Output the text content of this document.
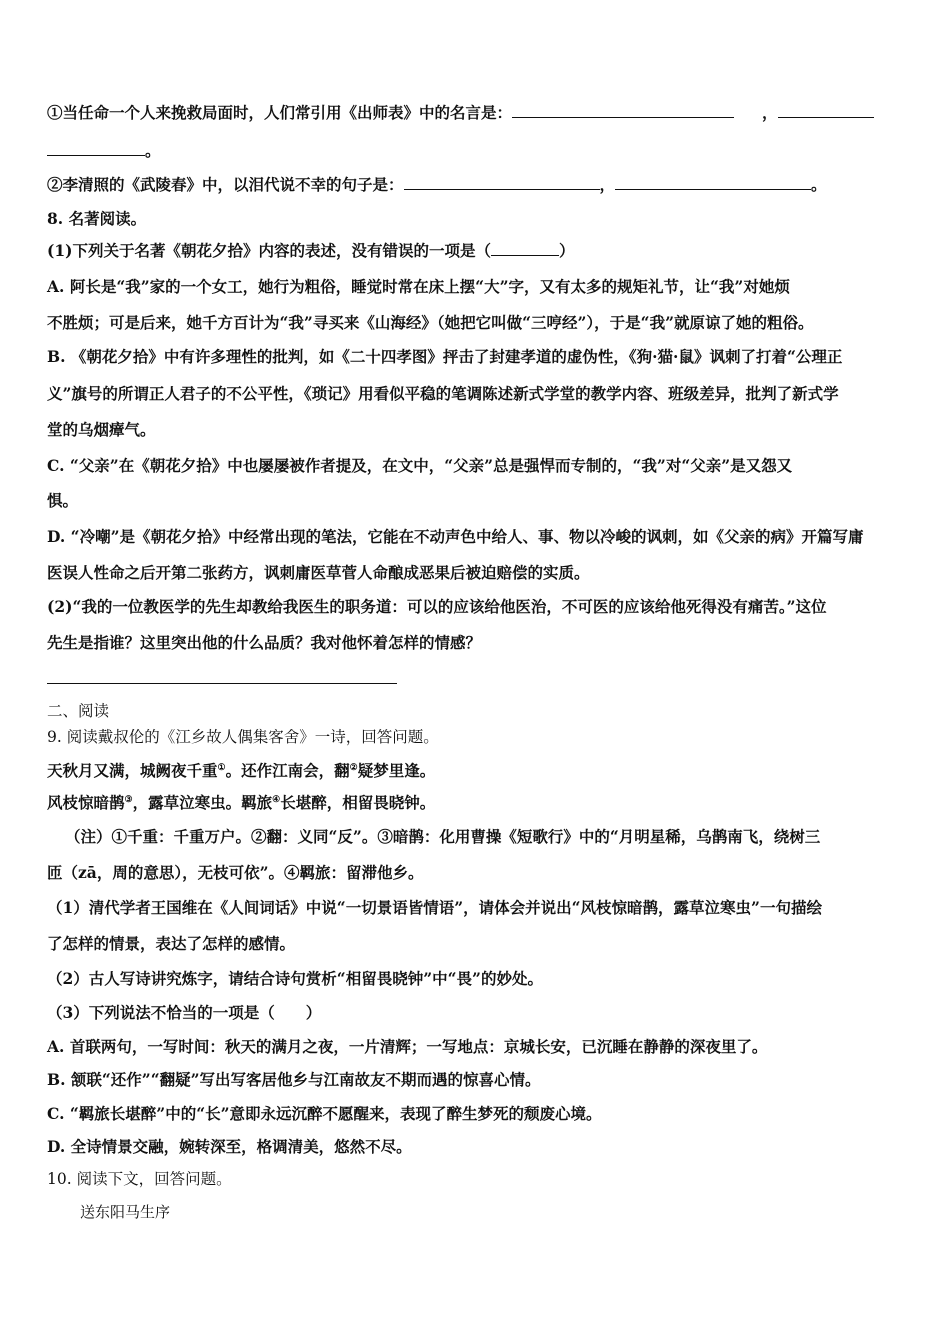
①当任命一个人来挽救局面时，人们常引用《出师表》中的名言是：	，
。
②李清照的《武陵春》中，以泪代说不幸的句子是：	，	。
8. 名著阅读。
(1)下列关于名著《朝花夕拾》内容的表述，没有错误的一项是（	）
A. 阿长是“我”家的一个女工，她行为粗俗，睡觉时常在床上摆“大”字，又有太多的规矩礼节，让“我”对她烦
不胜烦；可是后来，她千方百计为“我”寻买来《山海经》（她把它叫做“三哼经”），于是“我”就原谅了她的粗俗。
B. 《朝花夕拾》中有许多理性的批判，如《二十四孝图》抨击了封建孝道的虚伪性，《狗·猫·鼠》讽刺了打着“公理正
义”旗号的所谓正人君子的不公平性，《琐记》用看似平稳的笔调陈述新式学堂的教学内容、班级差异，批判了新式学
堂的乌烟瘴气。
C. “父亲”在《朝花夕拾》中也屡屡被作者提及，在文中，“父亲”总是强悍而专制的，“我”对“父亲”是又怨又
惧。
D. “冷嘲”是《朝花夕拾》中经常出现的笔法，它能在不动声色中给人、事、物以冷峻的讽刺，如《父亲的病》开篇写庸
医误人性命之后开第二张药方，讽刺庸医草菅人命酿成恶果后被迫赔偿的实质。
(2)“我的一位教医学的先生却教给我医生的职务道：可以的应该给他医治，不可医的应该给他死得没有痛苦。”这位
先生是指谁？这里突出他的什么品质？我对他怀着怎样的情感？
二、阅读
9. 阅读戴叔伦的《江乡故人偶集客舍》一诗，回答问题。
天秋月又满，城阙夜千重①。还作江南会，翻②疑梦里逢。
风枝惊暗鹊③，露草泣寒虫。羁旅④长堪醉，相留畏晓钟。
（注）①千重：千重万户。②翻：义同“反”。③暗鹊：化用曹操《短歌行》中的“月明星稀，乌鹊南飞，绕树三
匝（zā，周的意思），无枝可依”。④羁旅：留滞他乡。
（1）清代学者王国维在《人间词话》中说“一切景语皆情语”，请体会并说出“风枝惊暗鹊，露草泣寒虫”一句描绘
了怎样的情景，表达了怎样的感情。
（2）古人写诗讲究炼字，请结合诗句赏析“相留畏晓钟”中“畏”的妙处。
（3）下列说法不恰当的一项是（　　）
A. 首联两句，一写时间：秋天的满月之夜，一片清辉；一写地点：京城长安，已沉睡在静静的深夜里了。
B. 颔联“还作”“翻疑”写出写客居他乡与江南故友不期而遇的惊喜心情。
C. “羁旅长堪醉”中的“长”意即永远沉醉不愿醒来，表现了醉生梦死的颓废心境。
D. 全诗情景交融，婉转深至，格调清美，悠然不尽。
10. 阅读下文，回答问题。
送东阳马生序
